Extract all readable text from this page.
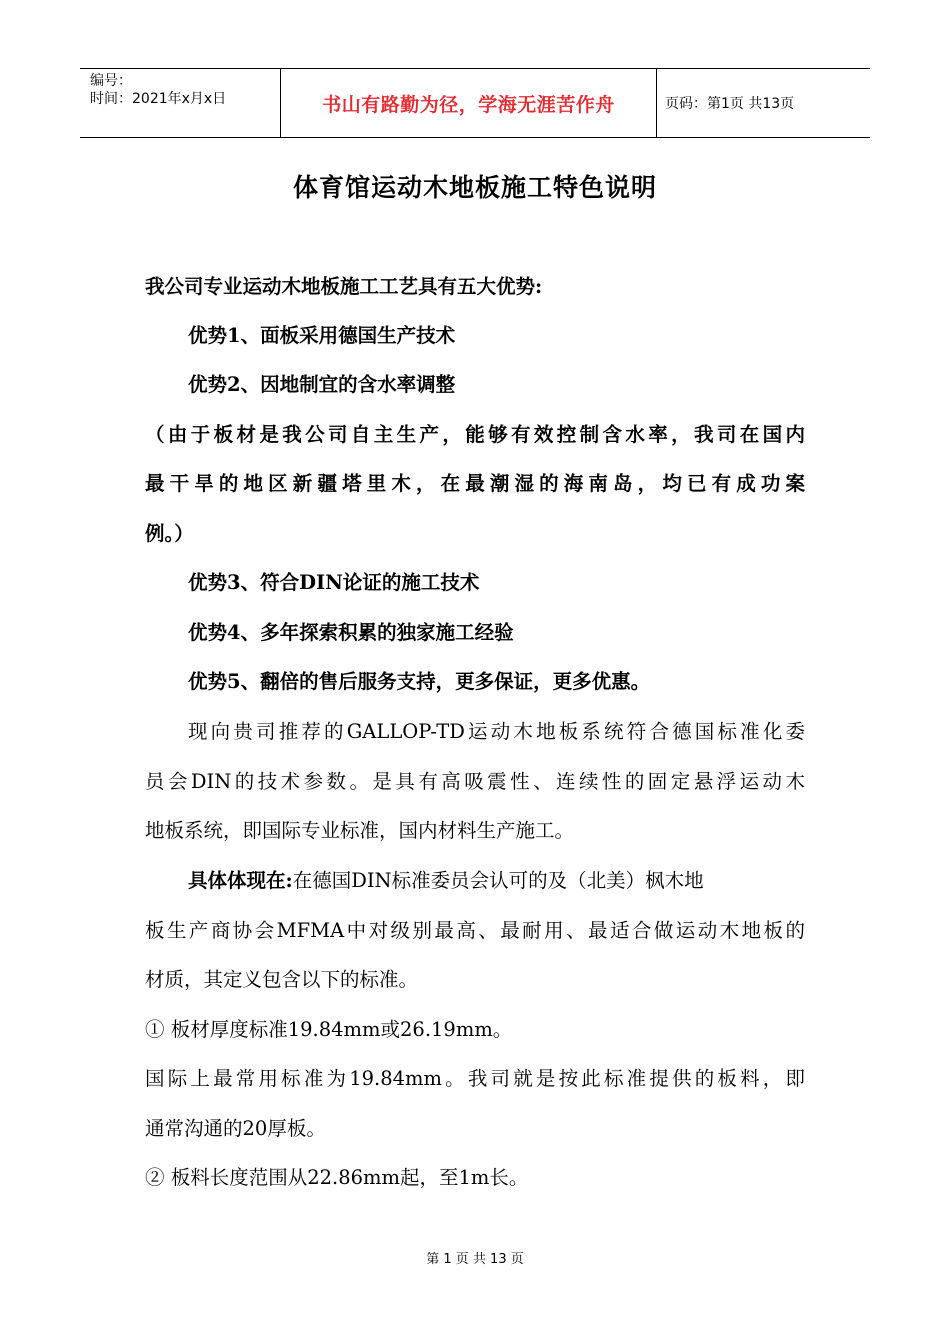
编号：
时间：2021年x月x日	书山有路勤为径，学海无涯苦作舟	页码：第1页 共13页
体育馆运动木地板施工特色说明
我公司专业运动木地板施工工艺具有五大优势:
优势1、面板采用德国生产技术
优势2、因地制宜的含水率调整
（由于板材是我公司自主生产，能够有效控制含水率，我司在国内
最干旱的地区新疆塔里木，在最潮湿的海南岛，均已有成功案
例。）
优势3、符合DIN论证的施工技术
优势4、多年探索积累的独家施工经验
优势5、翻倍的售后服务支持，更多保证，更多优惠。
现向贵司推荐的GALLOP-TD运动木地板系统符合德国标准化委
员会DIN的技术参数。是具有高吸震性、连续性的固定悬浮运动木
地板系统，即国际专业标准，国内材料生产施工。
具体体现在:在德国DIN标准委员会认可的及（北美）枫木地
板生产商协会MFMA中对级别最高、最耐用、最适合做运动木地板的
材质，其定义包含以下的标准。
① 板材厚度标准19.84mm或26.19mm。
国际上最常用标准为19.84mm。我司就是按此标准提供的板料，即
通常沟通的20厚板。
② 板料长度范围从22.86mm起，至1m长。
第 1 页 共 13 页
